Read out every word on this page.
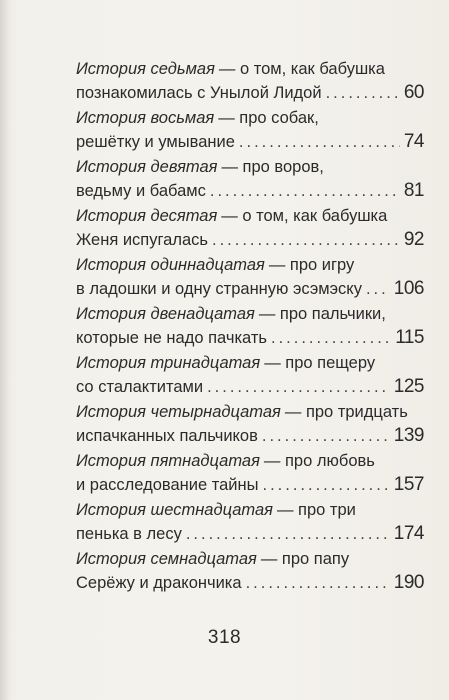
История седьмая — о том, как бабушка
познакомилась с Унылой Лидой .....	60
История восьмая — про собак,
решётку и умывание .....	74
История девятая — про воров,
ведьму и бабамс .....	81
История десятая — о том, как бабушка
Женя испугалась .....	92
История одиннадцатая — про игру
в ладошки и одну странную эсэмэску ..... 106
История двенадцатая — про пальчики,
которые не надо пачкать .....	115
История тринадцатая — про пещеру
со сталактитами .....	125
История четырнадцатая — про тридцать
испачканных пальчиков .....	139
История пятнадцатая — про любовь
и расследование тайны .....	157
История шестнадцатая — про три
пенька в лесу .....	174
История семнадцатая — про папу
Серёжу и дракончика .....	190
318
